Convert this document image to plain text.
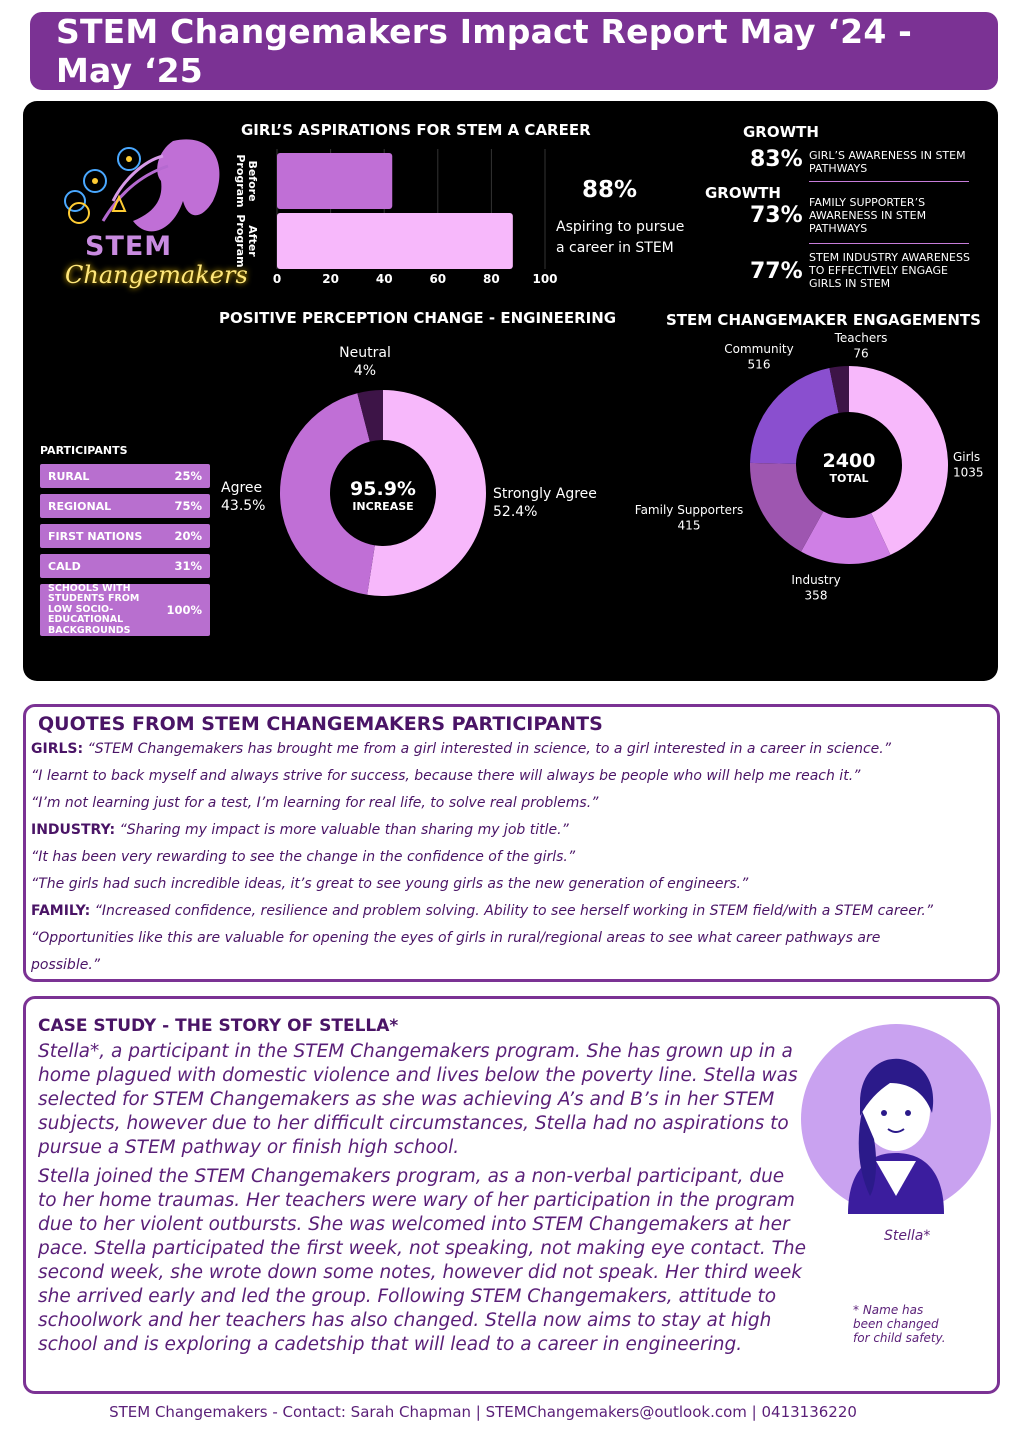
STEM Changemakers Impact Report May ‘24 - May ‘25
0	20	40	60	80	100
BeforeProgram
AfterProgram
95.9%
INCREASE
Neutral 4%
Strongly Agree 52.4%
Agree 43.5%
2400
TOTAL
Teachers 76
Community 516
Girls 1035
Family Supporters 415
Industry 358
STEM
Changemakers
GIRL’S ASPIRATIONS FOR STEM A CAREER
88%
Aspiring to pursue
a career in STEM
GROWTH
83% GIRL’S AWARENESS IN STEM
PATHWAYS
GROWTH
73%
FAMILY SUPPORTER’S
AWARENESS IN STEM
PATHWAYS
77%
STEM INDUSTRY AWARENESS
TO EFFECTIVELY ENGAGE
GIRLS IN STEM
POSITIVE PERCEPTION CHANGE - ENGINEERING	STEM CHANGEMAKER ENGAGEMENTS
PARTICIPANTS
RURAL	25%
REGIONAL	75%
FIRST NATIONS	20%
CALD	31%
SCHOOLS WITH STUDENTS FROM LOW SOCIO-EDUCATIONAL BACKGROUNDS
100%
QUOTES FROM STEM CHANGEMAKERS PARTICIPANTS
GIRLS: “STEM Changemakers has brought me from a girl interested in science, to a girl interested in a career in science.”
“I learnt to back myself and always strive for success, because there will always be people who will help me reach it.”
“I’m not learning just for a test, I’m learning for real life, to solve real problems.”
INDUSTRY: “Sharing my impact is more valuable than sharing my job title.”
“It has been very rewarding to see the change in the confidence of the girls.”
“The girls had such incredible ideas, it’s great to see young girls as the new generation of engineers.”
FAMILY: “Increased confidence, resilience and problem solving. Ability to see herself working in STEM field/with a STEM career.”
“Opportunities like this are valuable for opening the eyes of girls in rural/regional areas to see what career pathways are
possible.”
CASE STUDY - THE STORY OF STELLA*
Stella*, a participant in the STEM Changemakers program. She has grown up in a home plagued with domestic violence and lives below the poverty line. Stella was selected for STEM Changemakers as she was achieving A’s and B’s in her STEM subjects, however due to her difficult circumstances, Stella had no aspirations to pursue a STEM pathway or finish high school.
Stella joined the STEM Changemakers program, as a non-verbal participant, due to her home traumas. Her teachers were wary of her participation in the program due to her violent outbursts. She was welcomed into STEM Changemakers at her pace. Stella participated the first week, not speaking, not making eye contact. The second week, she wrote down some notes, however did not speak. Her third week she arrived early and led the group. Following STEM Changemakers, attitude to schoolwork and her teachers has also changed. Stella now aims to stay at high school and is exploring a cadetship that will lead to a career in engineering.
Stella*
* Name has
been changed
for child safety.
STEM Changemakers - Contact: Sarah Chapman | STEMChangemakers@outlook.com | 0413136220
